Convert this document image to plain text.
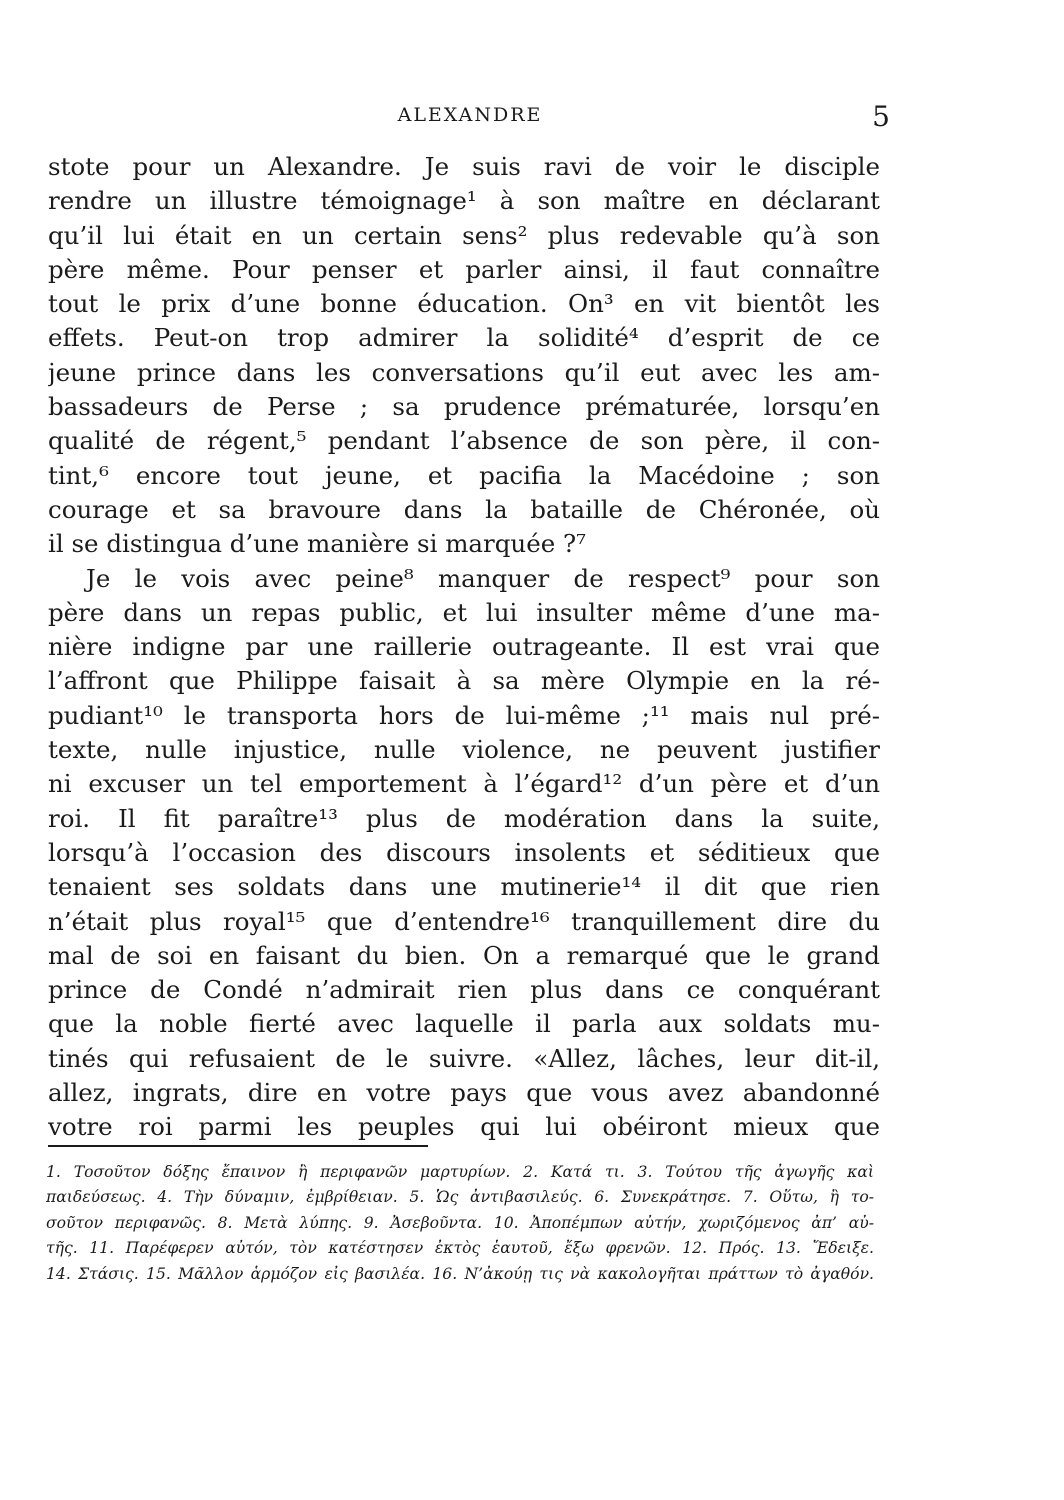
ALEXANDRE	5
stote pour un Alexandre. Je suis ravi de voir le disciple
rendre un illustre témoignage¹ à son maître en déclarant
qu’il lui était en un certain sens² plus redevable qu’à son
père même. Pour penser et parler ainsi, il faut connaître
tout le prix d’une bonne éducation. On³ en vit bientôt les
effets. Peut-on trop admirer la solidité⁴ d’esprit de ce
jeune prince dans les conversations qu’il eut avec les am-
bassadeurs de Perse ; sa prudence prématurée, lorsqu’en
qualité de régent,⁵ pendant l’absence de son père, il con-
tint,⁶ encore tout jeune, et pacifia la Macédoine ; son
courage et sa bravoure dans la bataille de Chéronée, où
il se distingua d’une manière si marquée ?⁷
Je le vois avec peine⁸ manquer de respect⁹ pour son
père dans un repas public, et lui insulter même d’une ma-
nière indigne par une raillerie outrageante. Il est vrai que
l’affront que Philippe faisait à sa mère Olympie en la ré-
pudiant¹⁰ le transporta hors de lui-même ;¹¹ mais nul pré-
texte, nulle injustice, nulle violence, ne peuvent justifier
ni excuser un tel emportement à l’égard¹² d’un père et d’un
roi. Il fit paraître¹³ plus de modération dans la suite,
lorsqu’à l’occasion des discours insolents et séditieux que
tenaient ses soldats dans une mutinerie¹⁴ il dit que rien
n’était plus royal¹⁵ que d’entendre¹⁶ tranquillement dire du
mal de soi en faisant du bien. On a remarqué que le grand
prince de Condé n’admirait rien plus dans ce conquérant
que la noble fierté avec laquelle il parla aux soldats mu-
tinés qui refusaient de le suivre. «Allez, lâches, leur dit-il,
allez, ingrats, dire en votre pays que vous avez abandonné
votre roi parmi les peuples qui lui obéiront mieux que
1. Τοσοῦτον δόξης ἔπαινον ἢ περιφανῶν μαρτυρίων. 2. Κατά τι. 3. Τούτου τῆς ἀγωγῆς καὶ
παιδεύσεως. 4. Τὴν δύναμιν, ἐμβρίθειαν. 5. Ὡς ἀντιβασιλεύς. 6. Συνεκράτησε. 7. Οὕτω, ἢ το-
σοῦτον περιφανῶς. 8. Μετὰ λύπης. 9. Ἀσεβοῦντα. 10. Ἀποπέμπων αὐτήν, χωριζόμενος ἀπ’ αὐ-
τῆς. 11. Παρέφερεν αὐτόν, τὸν κατέστησεν ἐκτὸς ἑαυτοῦ, ἔξω φρενῶν. 12. Πρός. 13. Ἔδειξε.
14. Στάσις. 15. Μᾶλλον ἁρμόζον εἰς βασιλέα. 16. Ν’ἀκούῃ τις νὰ κακολογῆται πράττων τὸ ἀγαθόν.
